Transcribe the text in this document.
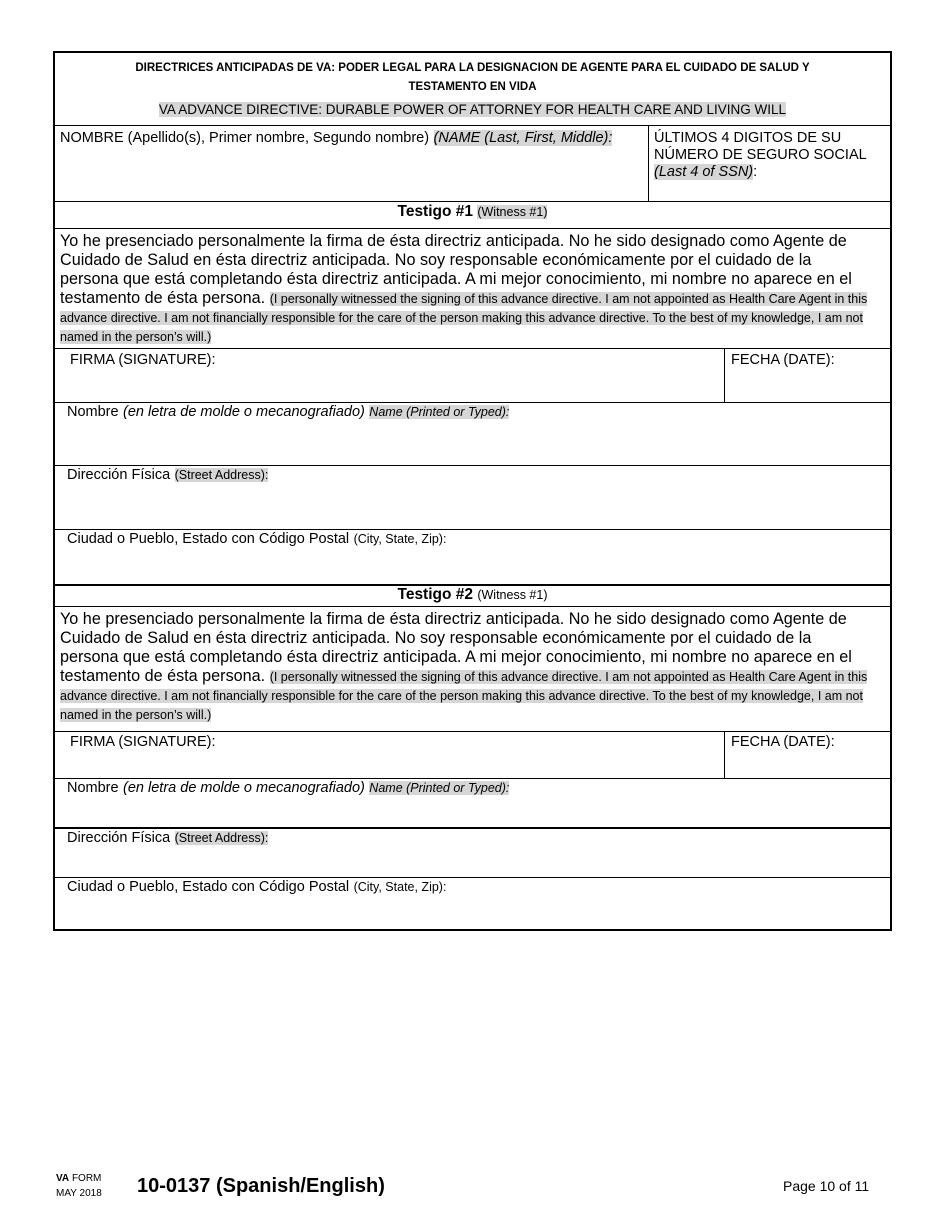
DIRECTRICES ANTICIPADAS DE VA: PODER LEGAL PARA LA DESIGNACION DE AGENTE PARA EL CUIDADO DE SALUD Y TESTAMENTO EN VIDA
VA ADVANCE DIRECTIVE: DURABLE POWER OF ATTORNEY FOR HEALTH CARE AND LIVING WILL
NOMBRE (Apellido(s), Primer nombre, Segundo nombre) (NAME (Last, First, Middle):	ÚLTIMOS 4 DIGITOS DE SU NÚMERO DE SEGURO SOCIAL
(Last 4 of SSN):
Testigo #1 (Witness #1)
Yo he presenciado personalmente la firma de ésta directriz anticipada. No he sido designado como Agente de Cuidado de Salud en ésta directriz anticipada. No soy responsable económicamente por el cuidado de la persona que está completando ésta directriz anticipada. A mi mejor conocimiento, mi nombre no aparece en el testamento de ésta persona. (I personally witnessed the signing of this advance directive. I am not appointed as Health Care Agent in this advance directive. I am not financially responsible for the care of the person making this advance directive. To the best of my knowledge, I am not named in the person’s will.)
FIRMA (SIGNATURE):	FECHA (DATE):
Nombre (en letra de molde o mecanografiado) Name (Printed or Typed):
Dirección Física (Street Address):
Ciudad o Pueblo, Estado con Código Postal (City, State, Zip):
Testigo #2 (Witness #1)
Yo he presenciado personalmente la firma de ésta directriz anticipada. No he sido designado como Agente de Cuidado de Salud en ésta directriz anticipada. No soy responsable económicamente por el cuidado de la persona que está completando ésta directriz anticipada. A mi mejor conocimiento, mi nombre no aparece en el testamento de ésta persona. (I personally witnessed the signing of this advance directive. I am not appointed as Health Care Agent in this advance directive. I am not financially responsible for the care of the person making this advance directive. To the best of my knowledge, I am not named in the person’s will.)
FIRMA (SIGNATURE):	FECHA (DATE):
Nombre (en letra de molde o mecanografiado) Name (Printed or Typed):
Dirección Física (Street Address):
Ciudad o Pueblo, Estado con Código Postal (City, State, Zip):
VA FORM
MAY 2018 10-0137 (Spanish/English)	Page 10 of 11
